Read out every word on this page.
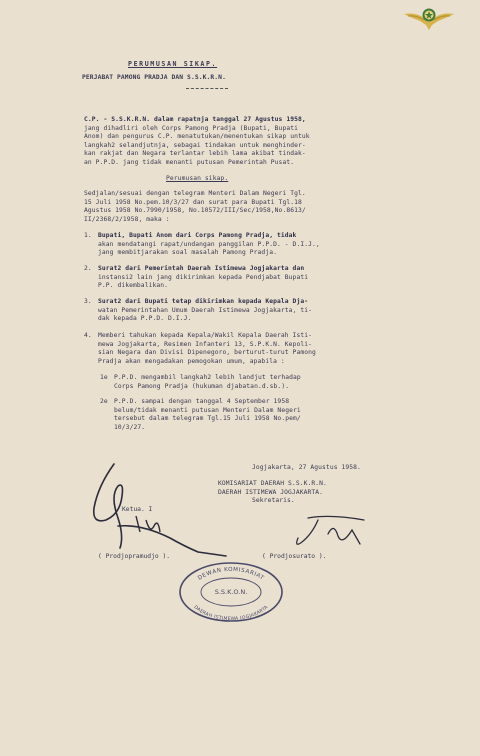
PERUMUSAN SIKAP.
PERJABAT PAMONG PRADJA DAN S.S.K.R.N.
C.P. - S.S.K.R.N. dalam rapatnja tanggal 27 Agustus 1958,
jang dihadliri oleh Corps Pamong Pradja (Bupati, Bupati
Anom) dan pengurus C.P. menatutukan/menentukan sikap untuk
langkah2 selandjutnja, sebagai tindakan untuk menghinder-
kan rakjat dan Negara terlantar lebih lama akibat tindak-
an P.P.D. jang tidak menanti putusan Pemerintah Pusat.
Perumusan sikap.
Sedjalan/sesuai dengan telegram Menteri Dalam Negeri Tgl.
15 Juli 1958 No.pem.10/3/27 dan surat para Bupati Tgl.18
Agustus 1958 No.7990/1958, No.10572/III/Sec/1958,No.8613/
II/2368/2/1958, maka :
1. Bupati, Bupati Anom dari Corps Pamong Pradja, tidak
akan mendatangi rapat/undangan panggilan P.P.D. - D.I.J.,
jang membitjarakan soal masalah Pamong Pradja.
2. Surat2 dari Pemerintah Daerah Istimewa Jogjakarta dan
instansi2 lain jang dikirimkan kepada Pendjabat Bupati
P.P. dikembalikan.
3. Surat2 dari Bupati tetap dikirimkan kepada Kepala Dja-
watan Pemerintahan Umum Daerah Istimewa Jogjakarta, ti-
dak kepada P.P.D. D.I.J.
4. Memberi tahukan kepada Kepala/Wakil Kepala Daerah Isti-
mewa Jogjakarta, Resimen Infanteri 13, S.P.K.N. Kepoli-
sian Negara dan Divisi Dipenegoro, berturut-turut Pamong
Pradja akan mengadakan pemogokan umum, apabila :
1e P.P.D. mengambil langkah2 lebih landjut terhadap
Corps Pamong Pradja (hukuman djabatan.d.sb.).
2e P.P.D. sampai dengan tanggal 4 September 1958
belum/tidak menanti putusan Menteri Dalam Negeri
tersebut dalam telegram Tgl.15 Juli 1958 No.pem/
10/3/27.
Jogjakarta, 27 Agustus 1958.
KOMISARIAT DAERAH S.S.K.R.N.
DAERAH ISTIMEWA JOGJAKARTA.
Sekretaris.
Ketua. I
( Prodjopramudjo ).	( Prodjosurato ).
DEWAN KOMISARIAT
S.S.K.O.N.
DAERAH ISTIMEWA JOGJAKARTA
